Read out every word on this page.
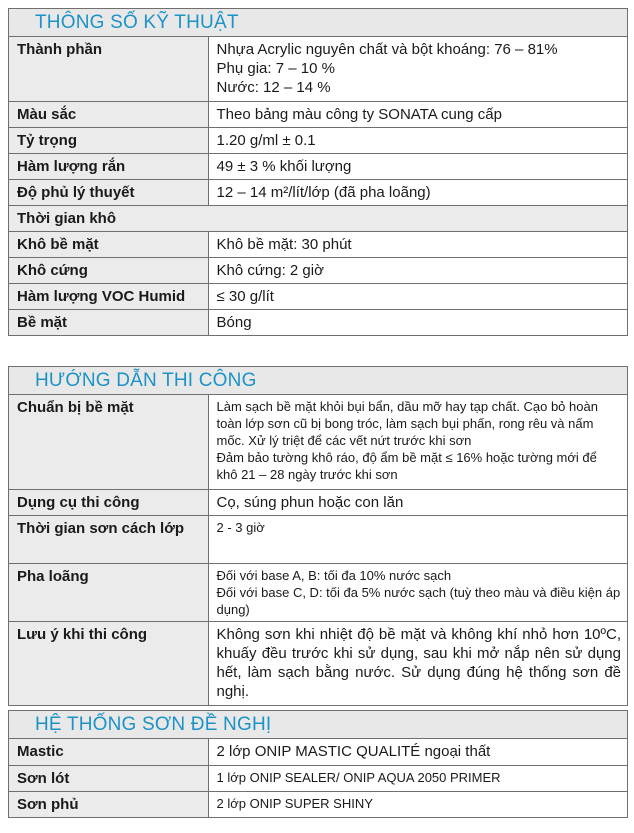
THÔNG SỐ KỸ THUẬT
Thành phần	Nhựa Acrylic nguyên chất và bột khoáng: 76 – 81%
Phụ gia: 7 – 10 %
Nước: 12 – 14 %

Màu sắc	Theo bảng màu công ty SONATA cung cấp
Tỷ trọng	1.20 g/ml ± 0.1
Hàm lượng rắn	49 ± 3 % khối lượng
Độ phủ lý thuyết	12 – 14 m²/lít/lớp (đã pha loãng)
Thời gian khô	
Khô bề mặt	Khô bề mặt: 30 phút
Khô cứng	Khô cứng: 2 giờ
Hàm lượng VOC Humid	≤ 30 g/lít
Bề mặt	Bóng
HƯỚNG DẪN THI CÔNG
Chuẩn bị bề mặt	Làm sạch bề mặt khỏi bụi bẩn, dầu mỡ hay tạp chất. Cạo bỏ hoàn toàn lớp sơn cũ bị bong tróc, làm sạch bụi phấn, rong rêu và nấm mốc. Xử lý triệt để các vết nứt trước khi sơn
Đảm bảo tường khô ráo, độ ẩm bề mặt ≤ 16% hoặc tường mới để khô 21 – 28 ngày trước khi sơn

Dụng cụ thi công	Cọ, súng phun hoặc con lăn
Thời gian sơn cách lớp	2 - 3 giờ
Pha loãng	Đối với base A, B: tối đa 10% nước sạch
Đối với base C, D: tối đa 5% nước sạch (tuỳ theo màu và điều kiện áp dụng)

Lưu ý khi thi công	Không sơn khi nhiệt độ bề mặt và không khí nhỏ hơn 10ºC, khuấy đều trước khi sử dụng, sau khi mở nắp nên sử dụng hết, làm sạch bằng nước. Sử dụng đúng hệ thống sơn đề nghị.
HỆ THỐNG SƠN ĐỀ NGHỊ
Mastic	2 lớp ONIP MASTIC QUALITÉ ngoại thất
Sơn lót	1 lớp ONIP SEALER/ ONIP AQUA 2050 PRIMER
Sơn phủ	2 lớp ONIP SUPER SHINY
